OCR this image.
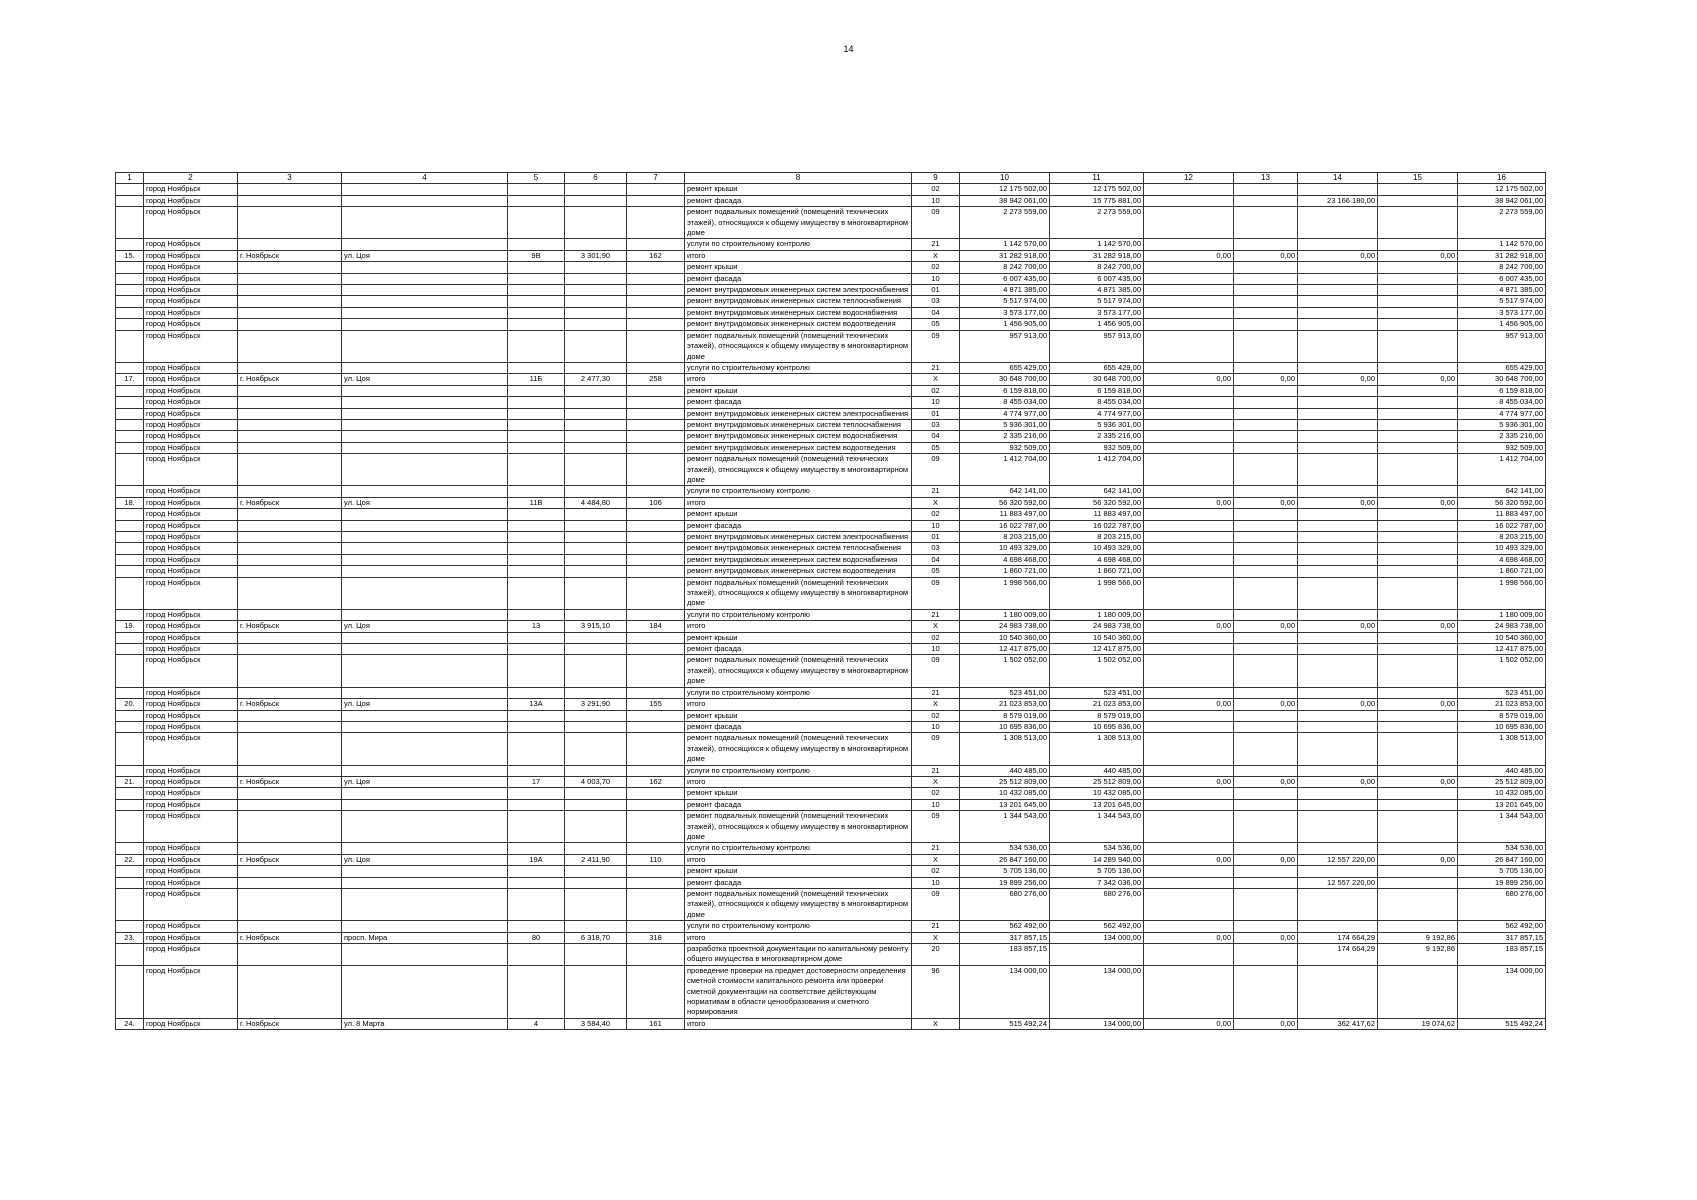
14
1	2	3	4	5	6	7	8	9	10	11	12	13	14	15	16
	город Ноябрьск						ремонт крыши	02	12 175 502,00	12 175 502,00					12 175 502,00
	город Ноябрьск						ремонт фасада	10	38 942 061,00	15 775 881,00			23 166 180,00		38 942 061,00
	город Ноябрьск						ремонт подвальных помещений (помещений технических этажей), относящихся к общему имуществу в многоквартирном доме	09	2 273 559,00	2 273 559,00					2 273 559,00
	город Ноябрьск						услуги по строительному контролю	21	1 142 570,00	1 142 570,00					1 142 570,00
15.	город Ноябрьск	г. Ноябрьск	ул. Цоя	9В	3 301,90	162	итого	Х	31 282 918,00	31 282 918,00	0,00	0,00	0,00	0,00	31 282 918,00
	город Ноябрьск						ремонт крыши	02	8 242 700,00	8 242 700,00					8 242 700,00
	город Ноябрьск						ремонт фасада	10	6 007 435,00	6 007 435,00					6 007 435,00
	город Ноябрьск						ремонт внутридомовых инженерных систем электроснабжения	01	4 871 385,00	4 871 385,00					4 871 385,00
	город Ноябрьск						ремонт внутридомовых инженерных систем теплоснабжения	03	5 517 974,00	5 517 974,00					5 517 974,00
	город Ноябрьск						ремонт внутридомовых инженерных систем водоснабжения	04	3 573 177,00	3 573 177,00					3 573 177,00
	город Ноябрьск						ремонт внутридомовых инженерных систем водоотведения	05	1 456 905,00	1 456 905,00					1 456 905,00
	город Ноябрьск						ремонт подвальных помещений (помещений технических этажей), относящихся к общему имуществу в многоквартирном доме	09	957 913,00	957 913,00					957 913,00
	город Ноябрьск						услуги по строительному контролю	21	655 429,00	655 429,00					655 429,00
17.	город Ноябрьск	г. Ноябрьск	ул. Цоя	11Б	2 477,30	258	итого	Х	30 648 700,00	30 648 700,00	0,00	0,00	0,00	0,00	30 648 700,00
	город Ноябрьск						ремонт крыши	02	6 159 818,00	6 159 818,00					6 159 818,00
	город Ноябрьск						ремонт фасада	10	8 455 034,00	8 455 034,00					8 455 034,00
	город Ноябрьск						ремонт внутридомовых инженерных систем электроснабжения	01	4 774 977,00	4 774 977,00					4 774 977,00
	город Ноябрьск						ремонт внутридомовых инженерных систем теплоснабжения	03	5 936 301,00	5 936 301,00					5 936 301,00
	город Ноябрьск						ремонт внутридомовых инженерных систем водоснабжения	04	2 335 216,00	2 335 216,00					2 335 216,00
	город Ноябрьск						ремонт внутридомовых инженерных систем водоотведения	05	932 509,00	932 509,00					932 509,00
	город Ноябрьск						ремонт подвальных помещений (помещений технических этажей), относящихся к общему имуществу в многоквартирном доме	09	1 412 704,00	1 412 704,00					1 412 704,00
	город Ноябрьск						услуги по строительному контролю	21	642 141,00	642 141,00					642 141,00
18.	город Ноябрьск	г. Ноябрьск	ул. Цоя	11В	4 484,80	106	итого	Х	56 320 592,00	56 320 592,00	0,00	0,00	0,00	0,00	56 320 592,00
	город Ноябрьск						ремонт крыши	02	11 883 497,00	11 883 497,00					11 883 497,00
	город Ноябрьск						ремонт фасада	10	16 022 787,00	16 022 787,00					16 022 787,00
	город Ноябрьск						ремонт внутридомовых инженерных систем электроснабжения	01	8 203 215,00	8 203 215,00					8 203 215,00
	город Ноябрьск						ремонт внутридомовых инженерных систем теплоснабжения	03	10 493 329,00	10 493 329,00					10 493 329,00
	город Ноябрьск						ремонт внутридомовых инженерных систем водоснабжения	04	4 698 468,00	4 698 468,00					4 698 468,00
	город Ноябрьск						ремонт внутридомовых инженерных систем водоотведения	05	1 860 721,00	1 860 721,00					1 860 721,00
	город Ноябрьск						ремонт подвальных помещений (помещений технических этажей), относящихся к общему имуществу в многоквартирном доме	09	1 998 566,00	1 998 566,00					1 998 566,00
	город Ноябрьск						услуги по строительному контролю	21	1 180 009,00	1 180 009,00					1 180 009,00
19.	город Ноябрьск	г. Ноябрьск	ул. Цоя	13	3 915,10	184	итого	Х	24 983 738,00	24 983 738,00	0,00	0,00	0,00	0,00	24 983 738,00
	город Ноябрьск						ремонт крыши	02	10 540 360,00	10 540 360,00					10 540 360,00
	город Ноябрьск						ремонт фасада	10	12 417 875,00	12 417 875,00					12 417 875,00
	город Ноябрьск						ремонт подвальных помещений (помещений технических этажей), относящихся к общему имуществу в многоквартирном доме	09	1 502 052,00	1 502 052,00					1 502 052,00
	город Ноябрьск						услуги по строительному контролю	21	523 451,00	523 451,00					523 451,00
20.	город Ноябрьск	г. Ноябрьск	ул. Цоя	13А	3 291,90	155	итого	Х	21 023 853,00	21 023 853,00	0,00	0,00	0,00	0,00	21 023 853,00
	город Ноябрьск						ремонт крыши	02	8 579 019,00	8 579 019,00					8 579 019,00
	город Ноябрьск						ремонт фасада	10	10 695 836,00	10 695 836,00					10 695 836,00
	город Ноябрьск						ремонт подвальных помещений (помещений технических этажей), относящихся к общему имуществу в многоквартирном доме	09	1 308 513,00	1 308 513,00					1 308 513,00
	город Ноябрьск						услуги по строительному контролю	21	440 485,00	440 485,00					440 485,00
21.	город Ноябрьск	г. Ноябрьск	ул. Цоя	17	4 003,70	162	итого	Х	25 512 809,00	25 512 809,00	0,00	0,00	0,00	0,00	25 512 809,00
	город Ноябрьск						ремонт крыши	02	10 432 085,00	10 432 085,00					10 432 085,00
	город Ноябрьск						ремонт фасада	10	13 201 645,00	13 201 645,00					13 201 645,00
	город Ноябрьск						ремонт подвальных помещений (помещений технических этажей), относящихся к общему имуществу в многоквартирном доме	09	1 344 543,00	1 344 543,00					1 344 543,00
	город Ноябрьск						услуги по строительному контролю	21	534 536,00	534 536,00					534 536,00
22.	город Ноябрьск	г. Ноябрьск	ул. Цоя	19А	2 411,90	110	итого	Х	26 847 160,00	14 289 940,00	0,00	0,00	12 557 220,00	0,00	26 847 160,00
	город Ноябрьск						ремонт крыши	02	5 705 136,00	5 705 136,00					5 705 136,00
	город Ноябрьск						ремонт фасада	10	19 899 256,00	7 342 036,00			12 557 220,00		19 899 256,00
	город Ноябрьск						ремонт подвальных помещений (помещений технических этажей), относящихся к общему имуществу в многоквартирном доме	09	680 276,00	680 276,00					680 276,00
	город Ноябрьск						услуги по строительному контролю	21	562 492,00	562 492,00					562 492,00
23.	город Ноябрьск	г. Ноябрьск	просп. Мира	80	6 318,70	318	итого	Х	317 857,15	134 000,00	0,00	0,00	174 664,29	9 192,86	317 857,15
	город Ноябрьск						разработка проектной документации по капитальному ремонту общего имущества в многоквартирном доме	20	183 857,15				174 664,29	9 192,86	183 857,15
	город Ноябрьск						проведение проверки на предмет достоверности определения сметной стоимости капитального ремонта или проверки сметной документации на соответствие действующим нормативам в области ценообразования и сметного нормирования	96	134 000,00	134 000,00					134 000,00
24.	город Ноябрьск	г. Ноябрьск	ул. 8 Марта	4	3 584,40	161	итого	Х	515 492,24	134 000,00	0,00	0,00	362 417,62	19 074,62	515 492,24
